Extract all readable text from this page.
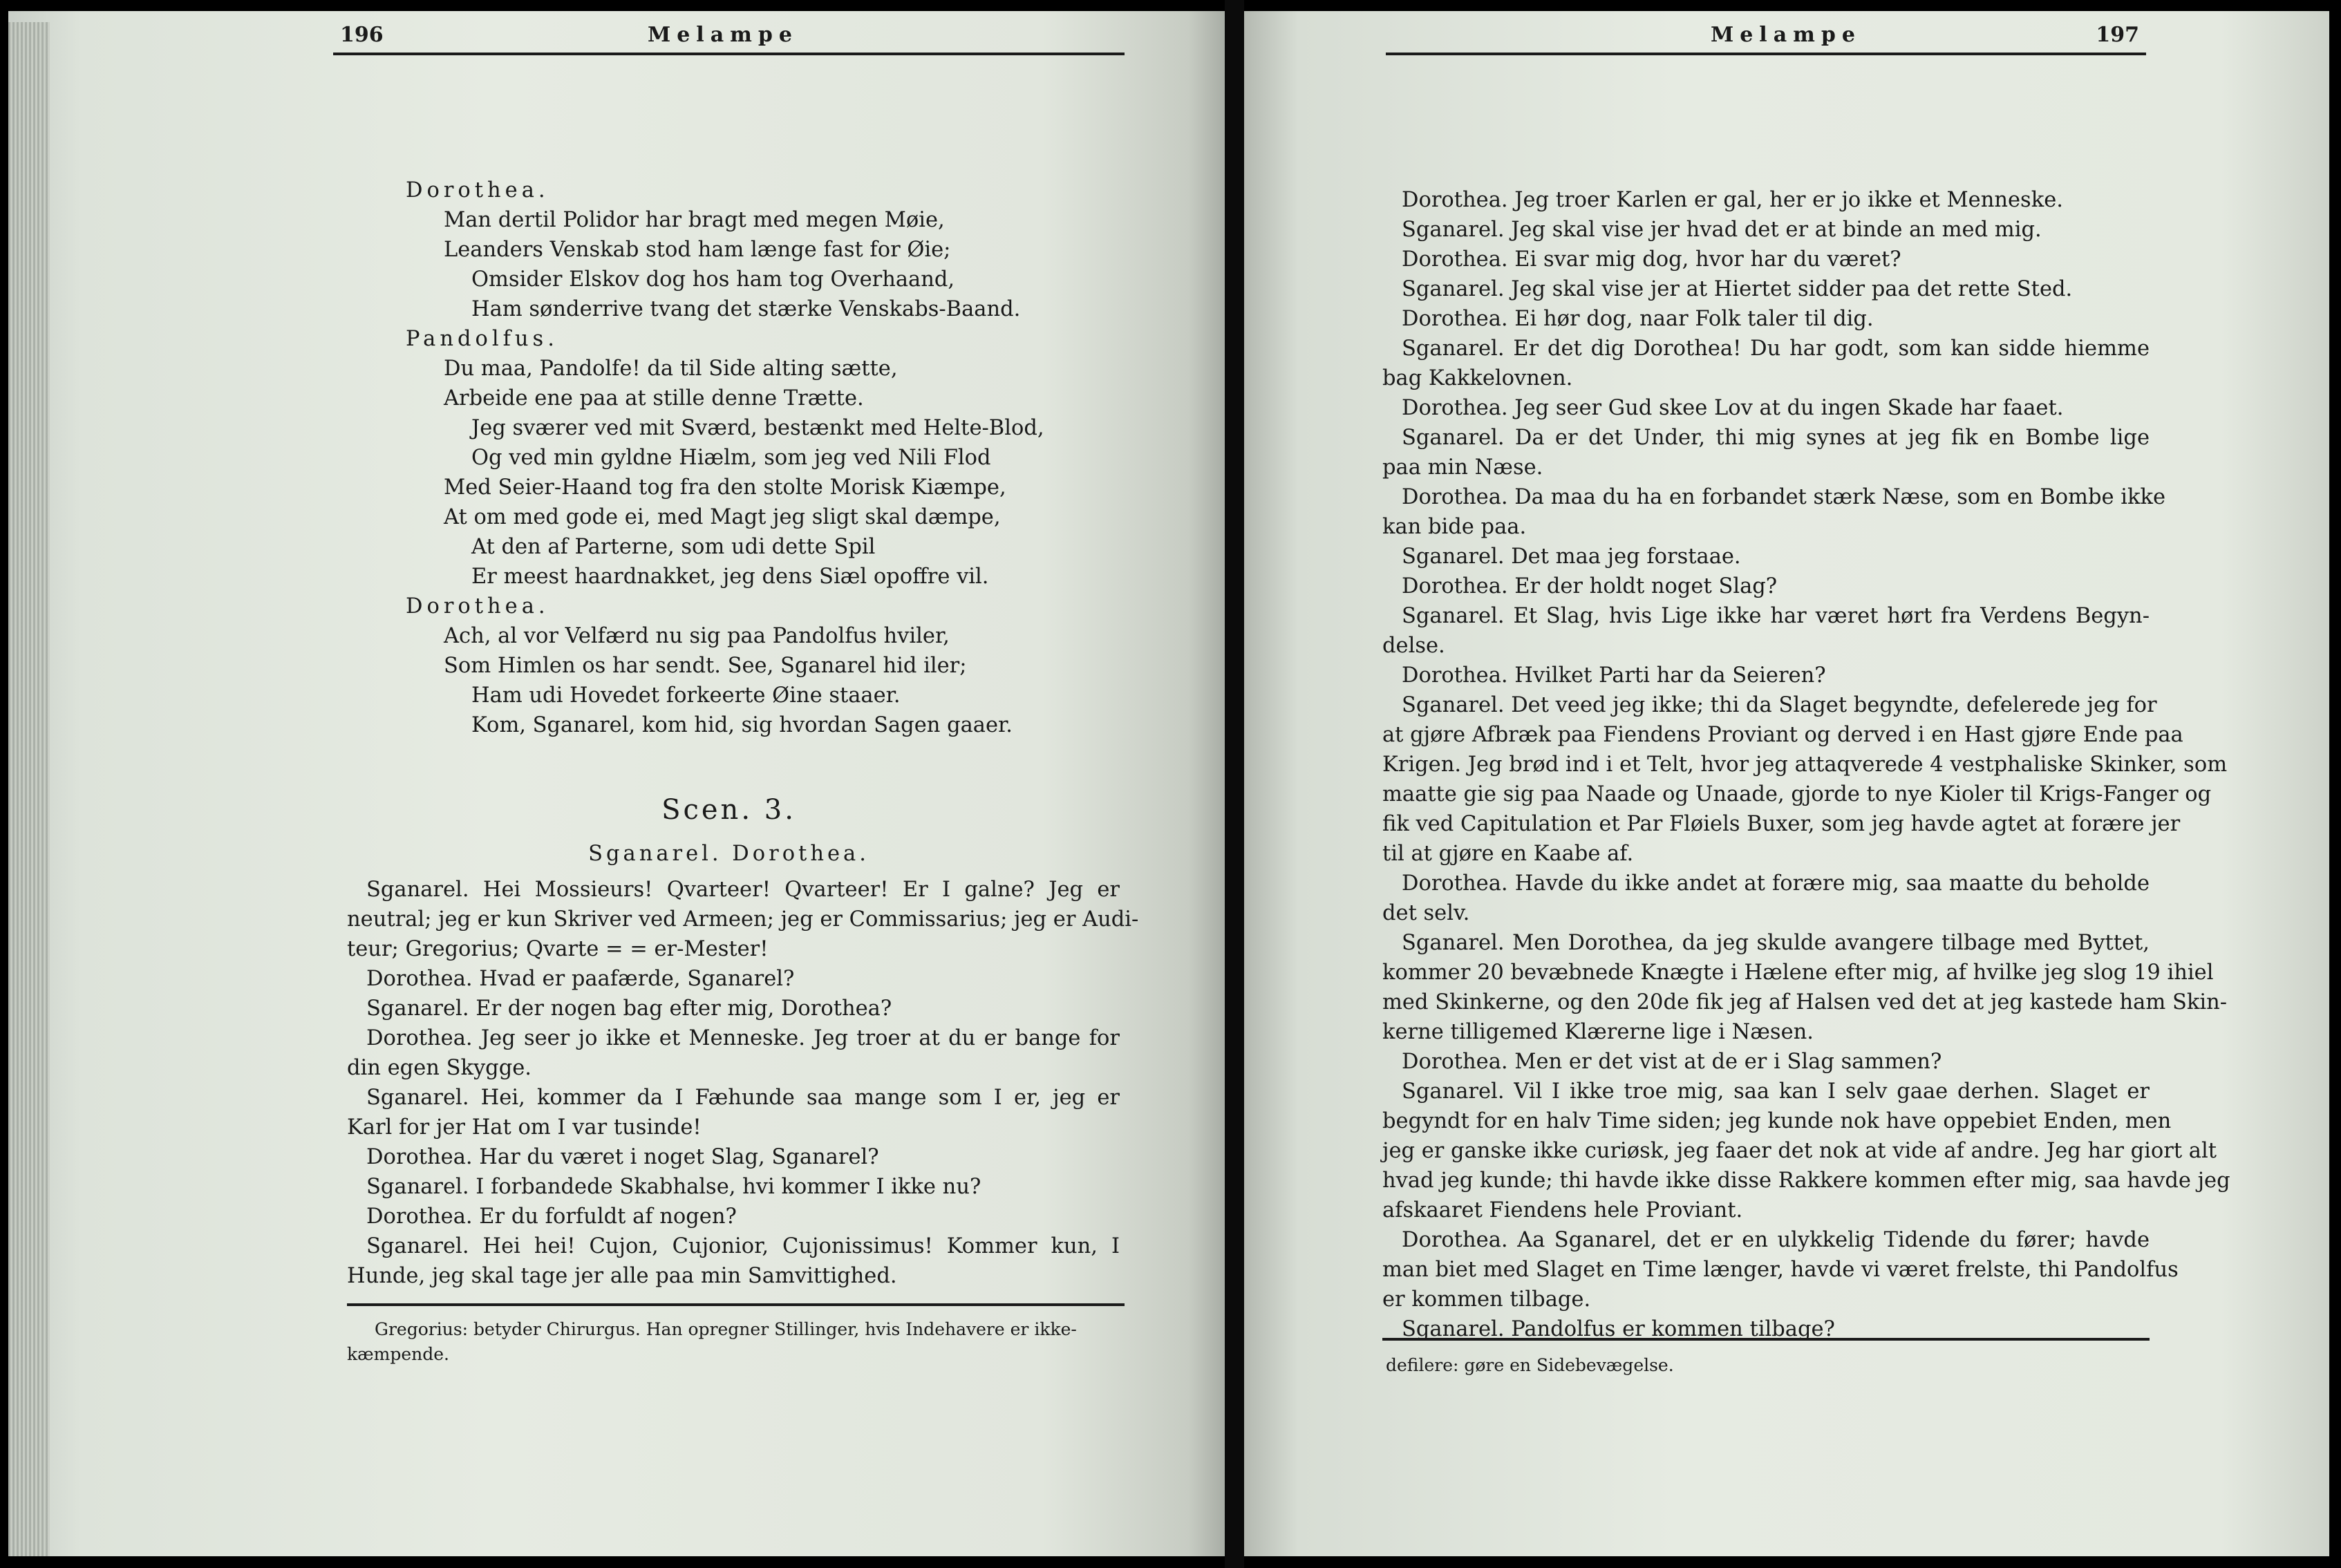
196	Melampe
Dorothea.
Man dertil Polidor har bragt med megen Møie,
Leanders Venskab stod ham længe fast for Øie;
Omsider Elskov dog hos ham tog Overhaand,
Ham sønderrive tvang det stærke Venskabs-Baand.
Pandolfus.
Du maa, Pandolfe! da til Side alting sætte,
Arbeide ene paa at stille denne Trætte.
Jeg sværer ved mit Sværd, bestænkt med Helte-Blod,
Og ved min gyldne Hiælm, som jeg ved Nili Flod
Med Seier-Haand tog fra den stolte Morisk Kiæmpe,
At om med gode ei, med Magt jeg sligt skal dæmpe,
At den af Parterne, som udi dette Spil
Er meest haardnakket, jeg dens Siæl opoffre vil.
Dorothea.
Ach, al vor Velfærd nu sig paa Pandolfus hviler,
Som Himlen os har sendt. See, Sganarel hid iler;
Ham udi Hovedet forkeerte Øine staaer.
Kom, Sganarel, kom hid, sig hvordan Sagen gaaer.
Scen. 3.
Sganarel. Dorothea.
Sganarel. Hei Mossieurs! Qvarteer! Qvarteer! Er I galne? Jeg er
neutral; jeg er kun Skriver ved Armeen; jeg er Commissarius; jeg er Audi-
teur; Gregorius; Qvarte = = er-Mester!
Dorothea. Hvad er paafærde, Sganarel?
Sganarel. Er der nogen bag efter mig, Dorothea?
Dorothea. Jeg seer jo ikke et Menneske. Jeg troer at du er bange for
din egen Skygge.
Sganarel. Hei, kommer da I Fæhunde saa mange som I er, jeg er
Karl for jer Hat om I var tusinde!
Dorothea. Har du været i noget Slag, Sganarel?
Sganarel. I forbandede Skabhalse, hvi kommer I ikke nu?
Dorothea. Er du forfuldt af nogen?
Sganarel. Hei hei! Cujon, Cujonior, Cujonissimus! Kommer kun, I
Hunde, jeg skal tage jer alle paa min Samvittighed.
Gregorius: betyder Chirurgus. Han opregner Stillinger, hvis Indehavere er ikke-
kæmpende.
Melampe	197
Dorothea. Jeg troer Karlen er gal, her er jo ikke et Menneske.
Sganarel. Jeg skal vise jer hvad det er at binde an med mig.
Dorothea. Ei svar mig dog, hvor har du været?
Sganarel. Jeg skal vise jer at Hiertet sidder paa det rette Sted.
Dorothea. Ei hør dog, naar Folk taler til dig.
Sganarel. Er det dig Dorothea! Du har godt, som kan sidde hiemme
bag Kakkelovnen.
Dorothea. Jeg seer Gud skee Lov at du ingen Skade har faaet.
Sganarel. Da er det Under, thi mig synes at jeg fik en Bombe lige
paa min Næse.
Dorothea. Da maa du ha en forbandet stærk Næse, som en Bombe ikke
kan bide paa.
Sganarel. Det maa jeg forstaae.
Dorothea. Er der holdt noget Slag?
Sganarel. Et Slag, hvis Lige ikke har været hørt fra Verdens Begyn-
delse.
Dorothea. Hvilket Parti har da Seieren?
Sganarel. Det veed jeg ikke; thi da Slaget begyndte, defelerede jeg for
at gjøre Afbræk paa Fiendens Proviant og derved i en Hast gjøre Ende paa
Krigen. Jeg brød ind i et Telt, hvor jeg attaqverede 4 vestphaliske Skinker, som
maatte gie sig paa Naade og Unaade, gjorde to nye Kioler til Krigs-Fanger og
fik ved Capitulation et Par Fløiels Buxer, som jeg havde agtet at forære jer
til at gjøre en Kaabe af.
Dorothea. Havde du ikke andet at forære mig, saa maatte du beholde
det selv.
Sganarel. Men Dorothea, da jeg skulde avangere tilbage med Byttet,
kommer 20 bevæbnede Knægte i Hælene efter mig, af hvilke jeg slog 19 ihiel
med Skinkerne, og den 20de fik jeg af Halsen ved det at jeg kastede ham Skin-
kerne tilligemed Klærerne lige i Næsen.
Dorothea. Men er det vist at de er i Slag sammen?
Sganarel. Vil I ikke troe mig, saa kan I selv gaae derhen. Slaget er
begyndt for en halv Time siden; jeg kunde nok have oppebiet Enden, men
jeg er ganske ikke curiøsk, jeg faaer det nok at vide af andre. Jeg har giort alt
hvad jeg kunde; thi havde ikke disse Rakkere kommen efter mig, saa havde jeg
afskaaret Fiendens hele Proviant.
Dorothea. Aa Sganarel, det er en ulykkelig Tidende du fører; havde
man biet med Slaget en Time længer, havde vi været frelste, thi Pandolfus
er kommen tilbage.
Sganarel. Pandolfus er kommen tilbage?
defilere: gøre en Sidebevægelse.
